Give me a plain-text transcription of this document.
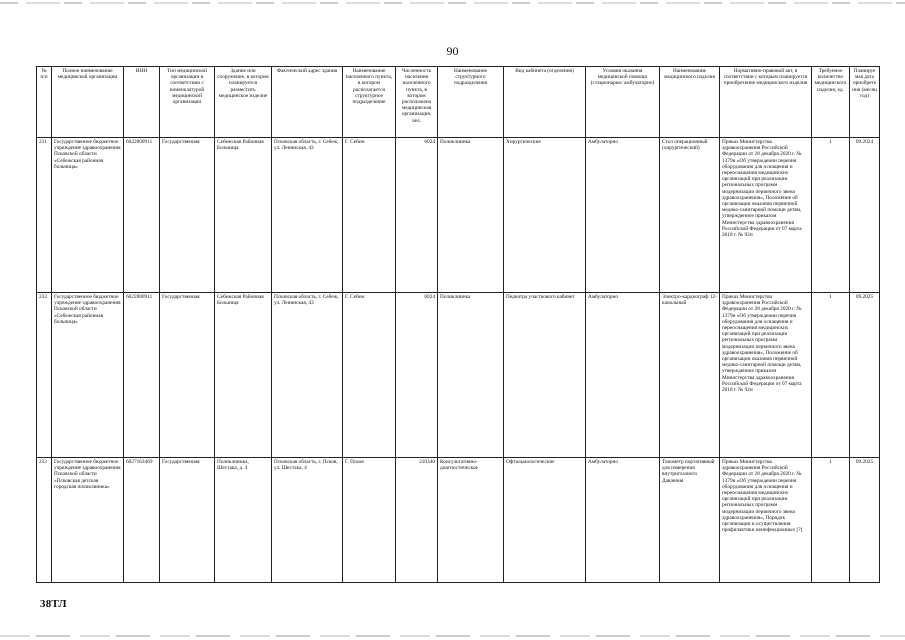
90
№ п/п	Полное наименование медицинской организации	ИНН	Тип медицинской организации в соответствии с номенклатурой медицинской организации	Здание или сооружение, в котором планируется разместить медицинское изделие	Фактический адрес здания	Наименование населенного пункта, в котором располагается структурное подразделение	Численность населения населенного пункта, в котором расположена медицинская организация, чел.	Наименование структурного подразделения	Вид кабинета (отделения)	Условия оказания медицинской помощи (стационарно/ амбулаторно)	Наименование медицинского изделия	Нормативно-правовой акт, в соответствии с которым планируется приобретение медицинского изделия	Требуемое количество медицинского изделия, ед.	Планируемая дата приобретения (месяц год)
231	Государственное бюджетное учреждение здравоохранения Псковской области «Себежская районная больница»	6022000911	Государственная	Себежская Районная Больница	Псковская область, г. Себеж, ул. Ленинская, 43	Г. Себеж	6024	Поликлиника	Хирургические	Амбулаторно	Стол операционный (хирургический)	Приказ Министерства здравоохранения Российской Федерации от 28 декабря 2020 г. № 1379н «Об утверждении перечня оборудования для оснащения и переоснащения медицинских организаций при реализации региональных программ модернизации первичного звена здравоохранения», Положение об организации оказания первичной медико-санитарной помощи детям, утвержденное приказом Министерства здравоохранения Российской Федерации от 07 марта 2018 г. № 92н	1	09.2024
232	Государственное бюджетное учреждение здравоохранения Псковской области «Себежская районная больница»	6022000911	Государственная	Себежская Районная Больница	Псковская область, г. Себеж, ул. Ленинская, 43	Г. Себеж	6024	Поликлиника	Педиатра участкового кабинет	Амбулаторно	Электро-кардиограф 12-канальный	Приказ Министерства здравоохранения Российской Федерации от 28 декабря 2020 г. № 1379н «Об утверждении перечня оборудования для оснащения и переоснащения медицинских организаций при реализации региональных программ модернизации первичного звена здравоохранения», Положение об организации оказания первичной медико-санитарной помощи детям, утвержденное приказом Министерства здравоохранения Российской Федерации от 07 марта 2018 г. № 92н	1	09.2025
233	Государственное бюджетное учреждение здравоохранения Псковской области «Псковская детская городская поликлиника»	6027163469	Государственная	Поликлиника, Шестака, д. 4	Псковская область, г. Псков, ул. Шестака, 4	Г. Псков	210340	Консультативно-диагностическое	Офтальмологические	Амбулаторно	Тонометр портативный для измерения внутриглазного Давления	Приказ Министерства здравоохранения Российской Федерации от 28 декабря 2020 г. № 1379н «Об утверждении перечня оборудования для оснащения и переоснащения медицинских организаций при реализации региональных программ модернизации первичного звена здравоохранения», Порядок организации и осуществления профилактики неинфекционных [?]	1	09.2025
38ТЛ
